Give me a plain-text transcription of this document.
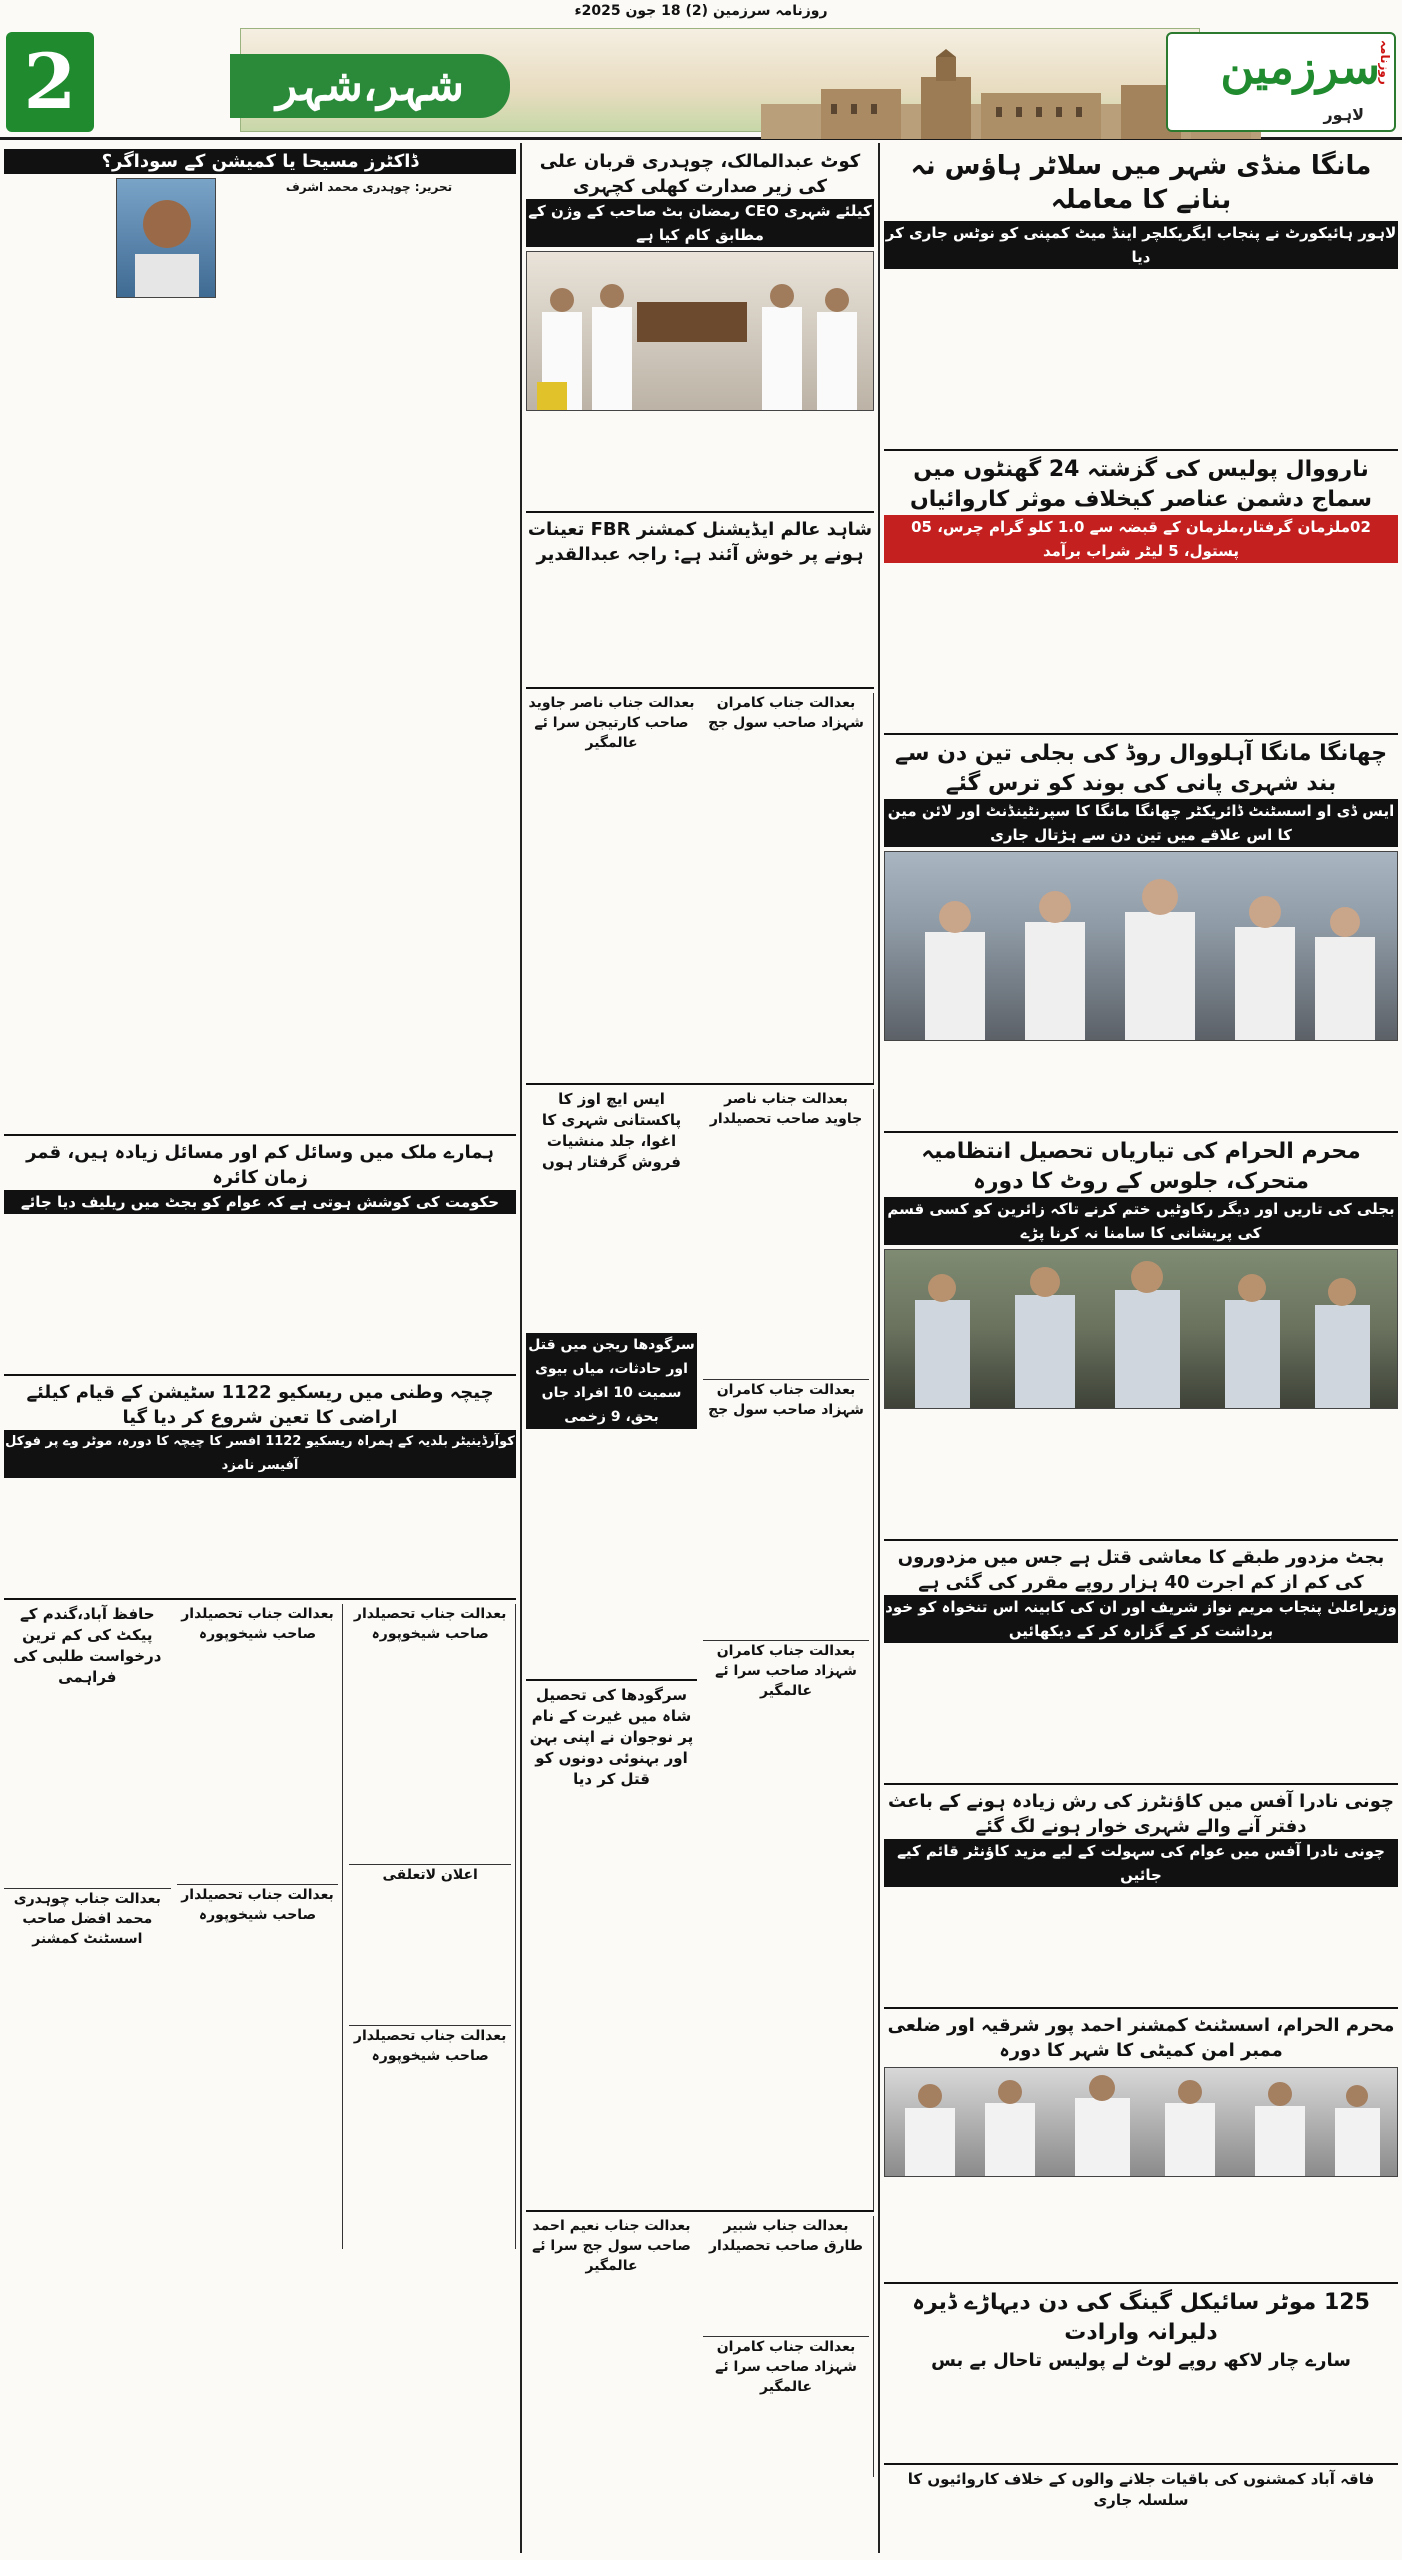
روزنامہ سرزمین (2) 18 جون 2025ء
2	شہر،شہر	روزنامہ
سرزمین
لاہور
مانگا منڈی شہر میں سلاٹر ہاؤس نہ بنانے کا معاملہ
لاہور ہائیکورٹ نے پنجاب ایگریکلچر اینڈ میٹ کمپنی کو نوٹس جاری کر دیا
نارووال پولیس کی گزشتہ 24 گھنٹوں میں سماج دشمن عناصر کیخلاف موثر کاروائیاں
02ملزمان گرفتار،ملزمان کے قبضہ سے 1.0 کلو گرام چرس، 05 پستول، 5 لیٹر شراب برآمد
چھانگا مانگا آہلووال روڈ کی بجلی تین دن سے بند شہری پانی کی بوند کو ترس گئے
ایس ڈی او اسسٹنٹ ڈائریکٹر چھانگا مانگا کا سپرنٹینڈنٹ اور لائن مین کا اس علاقے میں تین دن سے ہڑتال جاری
محرم الحرام کی تیاریاں تحصیل انتظامیہ متحرک، جلوس کے روٹ کا دورہ
بجلی کی تاریں اور دیگر رکاوٹیں ختم کرنے تاکہ زائرین کو کسی قسم کی پریشانی کا سامنا نہ کرنا پڑے
بجٹ مزدور طبقے کا معاشی قتل ہے جس میں مزدوروں کی کم از کم اجرت 40 ہزار روپے مقرر کی گئی ہے
وزیراعلیٰ پنجاب مریم نواز شریف اور ان کی کابینہ اس تنخواہ کو خود برداشت کر کے گزارہ کر کے دیکھائیں
چونی نادرا آفس میں کاؤنٹرز کی رش زیادہ ہونے کے باعث دفتر آنے والے شہری خوار ہونے لگ گئے
چونی نادرا آفس میں عوام کی سہولت کے لیے مزید کاؤنٹر قائم کیے جائیں
محرم الحرام، اسسٹنٹ کمشنر احمد پور شرقیہ اور ضلعی ممبر امن کمیٹی کا شہر کا دورہ
125 موٹر سائیکل گینگ کی دن دیہاڑے ڈیرہ دلیرانہ وارادت
سارے چار لاکھ روپے لوٹ لے پولیس تاحال بے بس
فاقہ آباد کمشنوں کی باقیات جلانے والوں کے خلاف کاروائیوں کا سلسلہ جاری
کوٹ عبدالمالک، چوہدری قربان علی کی زیر صدارت کھلی کچہری
کیلئے شہری CEO رمضان بٹ صاحب کے وژن کے مطابق کام کیا ہے
شاہد عالم ایڈیشنل کمشنر FBR تعینات ہونے پر خوش آئند ہے: راجہ عبدالقدیر
بعدالت جناب ناصر جاوید صاحب کارتیجن سرا ئے عالمگیر
بعدالت جناب کامران شہزاد صاحب سول جج
ایس ایچ اوز کا پاکستانی شہری کا اغوا، جلد منشیات فروش گرفتار ہوں
سرگودھا ریجن میں قتل اور حادثات، میاں بیوی سمیت 10 افراد جاں بحق، 9 زخمی
سرگودھا کی تحصیل شاہ میں غیرت کے نام پر نوجوان نے اپنی بہن اور بہنوئی دونوں کو قتل کر دیا
بعدالت جناب ناصر جاوید صاحب تحصیلدار
بعدالت جناب کامران شہزاد صاحب سول جج
بعدالت جناب کامران شہزاد صاحب سرا ئے عالمگیر
بعدالت جناب نعیم احمد صاحب سول جج سرا ئے عالمگیر
بعدالت جناب شبیر طارق صاحب تحصیلدار
بعدالت جناب کامران شہزاد صاحب سرا ئے عالمگیر
ڈاکٹرز مسیحا یا کمیشن کے سوداگر؟
تحریر: چوہدری محمد اشرف
ہمارے ملک میں وسائل کم اور مسائل زیادہ ہیں، قمر زمان کائرہ
حکومت کی کوشش ہوتی ہے کہ عوام کو بجٹ میں ریلیف دیا جائے
چیچہ وطنی میں ریسکیو 1122 سٹیشن کے قیام کیلئے اراضی کا تعین شروع کر دیا گیا
کوآرڈینیٹر بلدیہ کے ہمراہ ریسکیو 1122 افسر کا چیچہ کا دورہ، موٹر وے پر فوکل آفیسر نامزد
حافظ آباد،گندم کے پیکٹ کی کم ترین درخواست طلبی کی فراہمی
بعدالت جناب چوہدری محمد افضل صاحب اسسٹنٹ کمشنر
بعدالت جناب تحصیلدار صاحب شیخوپورہ
بعدالت جناب تحصیلدار صاحب شیخوپورہ
بعدالت جناب تحصیلدار صاحب شیخوپورہ
اعلان لاتعلقی
بعدالت جناب تحصیلدار صاحب شیخوپورہ
